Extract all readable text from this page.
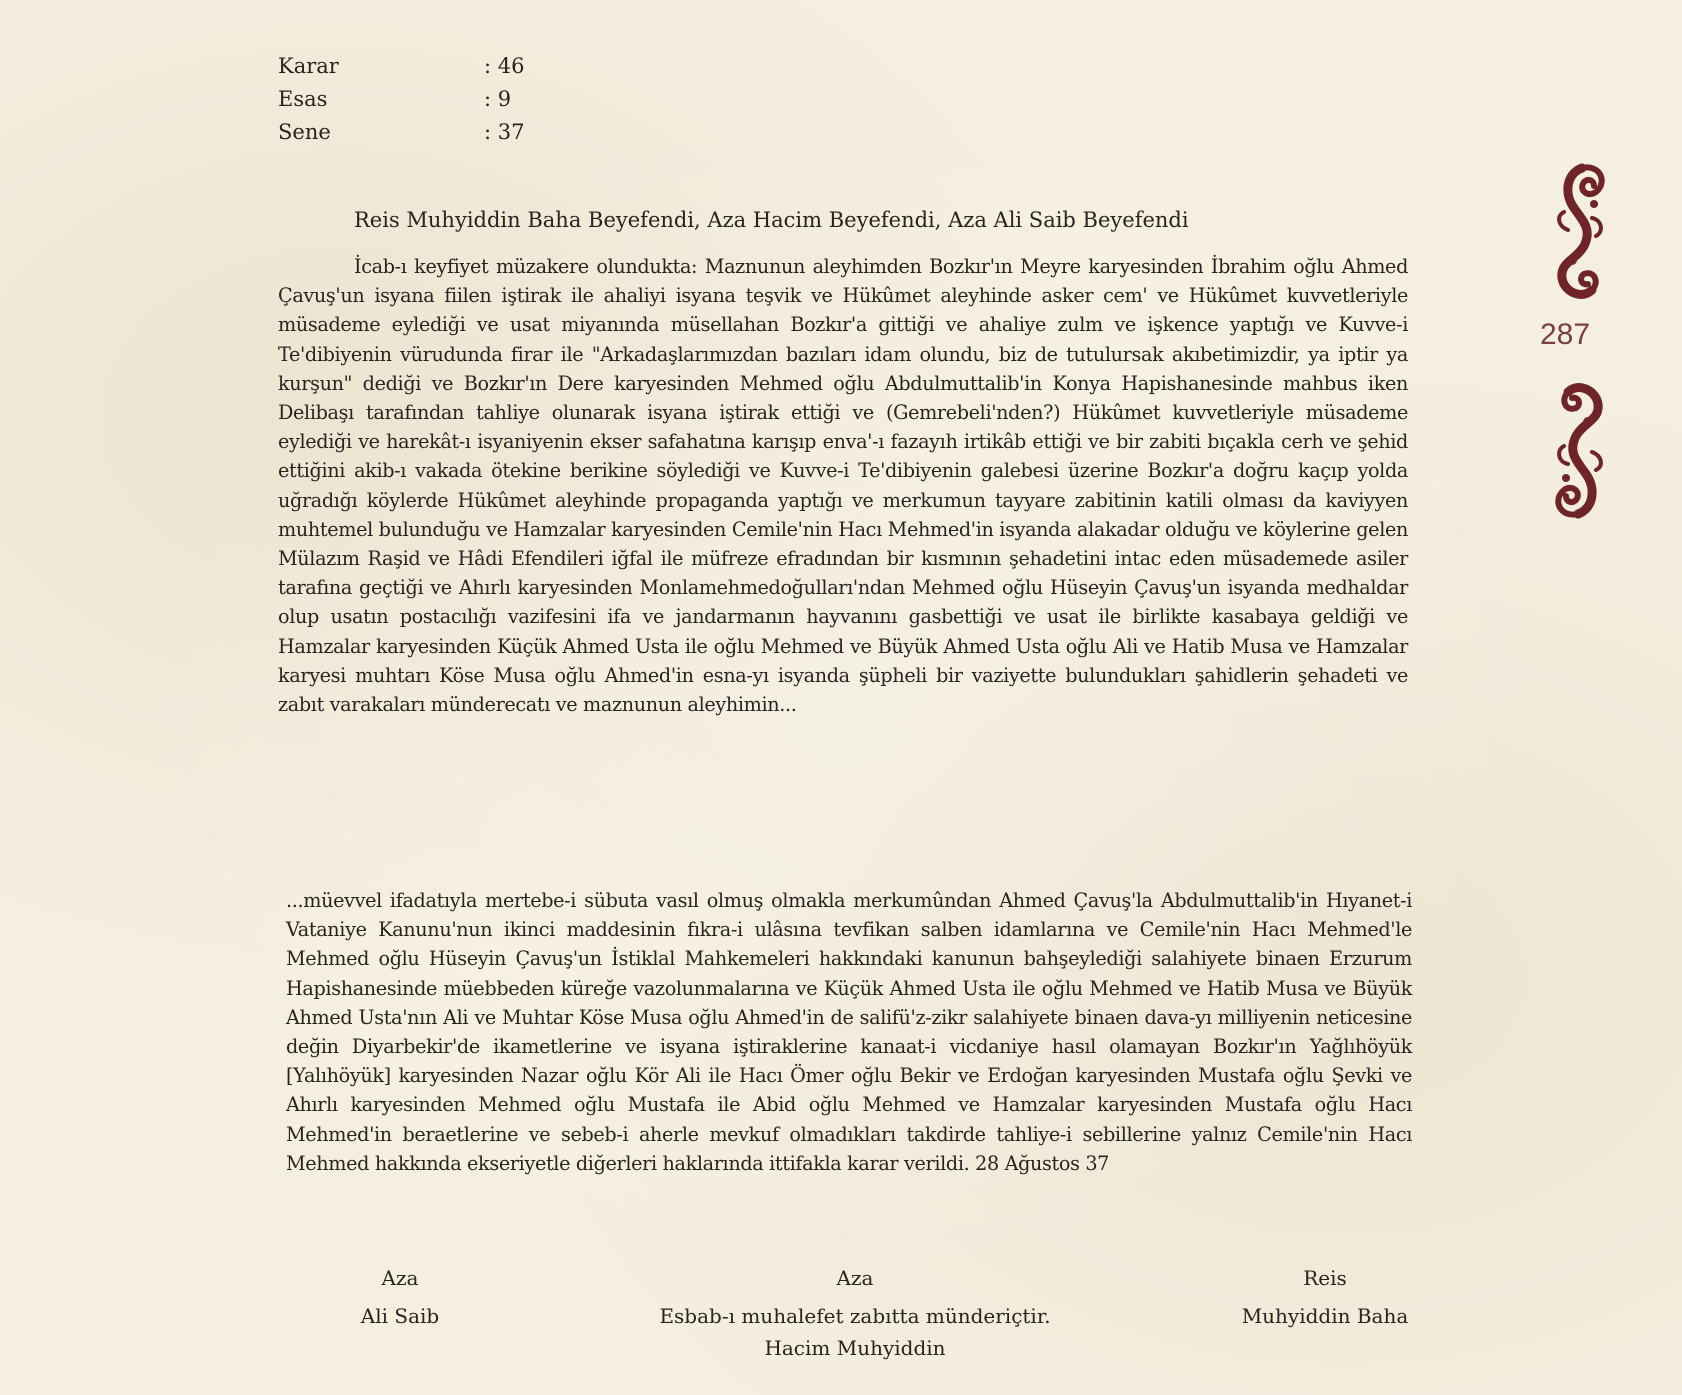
Karar	: 46
Esas	: 9
Sene	: 37
Reis Muhyiddin Baha Beyefendi, Aza Hacim Beyefendi, Aza Ali Saib Beyefendi
İcab-ı keyfiyet müzakere olundukta: Maznunun aleyhimden Bozkır'ın Meyre karyesinden İbrahim oğlu Ahmed Çavuş'un isyana fiilen iştirak ile ahaliyi isyana teşvik ve Hükûmet aleyhinde asker cem' ve Hükûmet kuvvetleriyle müsademe eylediği ve usat miyanında müsellahan Bozkır'a gittiği ve ahaliye zulm ve işkence yaptığı ve Kuvve-i Te'dibiyenin vürudunda firar ile "Arkadaşlarımızdan bazıları idam olundu, biz de tutulursak akıbetimizdir, ya iptir ya kurşun" dediği ve Bozkır'ın Dere karyesinden Mehmed oğlu Abdulmuttalib'in Konya Hapishanesinde mahbus iken Delibaşı tarafından tahliye olunarak isyana iştirak ettiği ve (Gemrebeli'nden?) Hükûmet kuvvetleriyle müsademe eylediği ve harekât-ı isyaniyenin ekser safahatına karışıp enva'-ı fazayıh irtikâb ettiği ve bir zabiti bıçakla cerh ve şehid ettiğini akib-ı vakada ötekine berikine söylediği ve Kuvve-i Te'dibiyenin galebesi üzerine Bozkır'a doğru kaçıp yolda uğradığı köylerde Hükûmet aleyhinde propaganda yaptığı ve merkumun tayyare zabitinin katili olması da kaviyyen muhtemel bulunduğu ve Hamzalar karyesinden Cemile'nin Hacı Mehmed'in isyanda alakadar olduğu ve köylerine gelen Mülazım Raşid ve Hâdi Efendileri iğfal ile müfreze efradından bir kısmının şehadetini intac eden müsademede asiler tarafına geçtiği ve Ahırlı karyesinden Monlamehmedoğulları'ndan Mehmed oğlu Hüseyin Çavuş'un isyanda medhaldar olup usatın postacılığı vazifesini ifa ve jandarmanın hayvanını gasbettiği ve usat ile birlikte kasabaya geldiği ve Hamzalar karyesinden Küçük Ahmed Usta ile oğlu Mehmed ve Büyük Ahmed Usta oğlu Ali ve Hatib Musa ve Hamzalar karyesi muhtarı Köse Musa oğlu Ahmed'in esna-yı isyanda şüpheli bir vaziyette bulundukları şahidlerin şehadeti ve zabıt varakaları münderecatı ve maznunun aleyhimin...
...müevvel ifadatıyla mertebe-i sübuta vasıl olmuş olmakla merkumûndan Ahmed Çavuş'la Abdulmuttalib'in Hıyanet-i Vataniye Kanunu'nun ikinci maddesinin fıkra-i ulâsına tevfikan salben idamlarına ve Cemile'nin Hacı Mehmed'le Mehmed oğlu Hüseyin Çavuş'un İstiklal Mahkemeleri hakkındaki kanunun bahşeylediği salahiyete binaen Erzurum Hapishanesinde müebbeden küreğe vazolunmalarına ve Küçük Ahmed Usta ile oğlu Mehmed ve Hatib Musa ve Büyük Ahmed Usta'nın Ali ve Muhtar Köse Musa oğlu Ahmed'in de salifü'z-zikr salahiyete binaen dava-yı milliyenin neticesine değin Diyarbekir'de ikametlerine ve isyana iştiraklerine kanaat-i vicdaniye hasıl olamayan Bozkır'ın Yağlıhöyük [Yalıhöyük] karyesinden Nazar oğlu Kör Ali ile Hacı Ömer oğlu Bekir ve Erdoğan karyesinden Mustafa oğlu Şevki ve Ahırlı karyesinden Mehmed oğlu Mustafa ile Abid oğlu Mehmed ve Hamzalar karyesinden Mustafa oğlu Hacı Mehmed'in beraetlerine ve sebeb-i aherle mevkuf olmadıkları takdirde tahliye-i sebillerine yalnız Cemile'nin Hacı Mehmed hakkında ekseriyetle diğerleri haklarında ittifakla karar verildi. 28 Ağustos 37
Aza
Ali Saib
Aza
Esbab-ı muhalefet zabıtta münderiçtir.
Hacim Muhyiddin
Reis
Muhyiddin Baha
287
